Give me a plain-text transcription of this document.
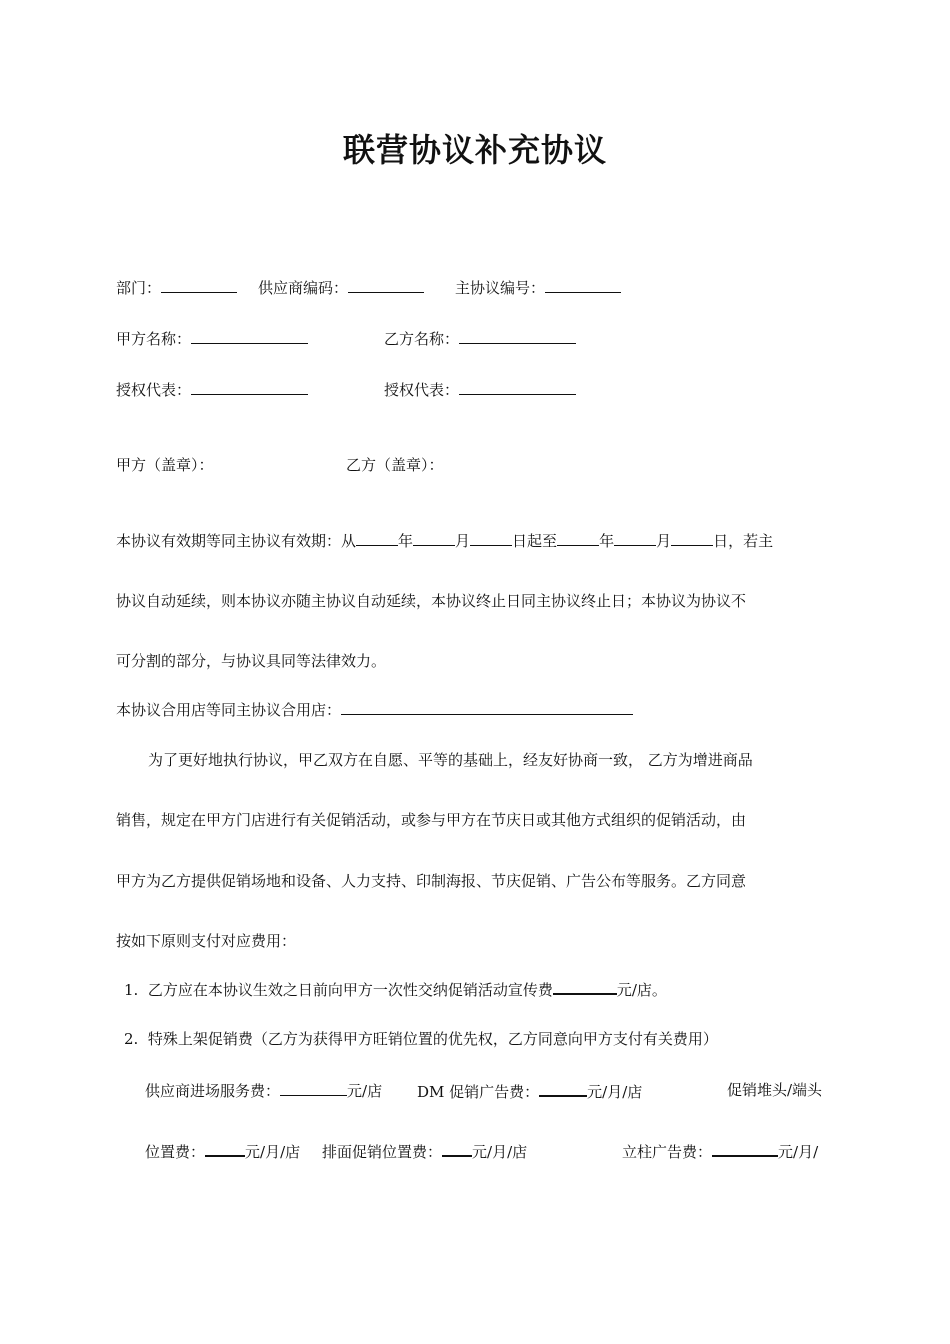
联营协议补充协议
部门：	供应商编码：	主协议编号：
甲方名称：	乙方名称：
授权代表：	授权代表：
甲方（盖章）：	乙方（盖章）：
本协议有效期等同主协议有效期：从	年	月	日起至	年	月	日，若主
协议自动延续，则本协议亦随主协议自动延续，本协议终止日同主协议终止日；本协议为协议不
可分割的部分，与协议具同等法律效力。
本协议合用店等同主协议合用店：
为了更好地执行协议，甲乙双方在自愿、平等的基础上，经友好协商一致， 乙方为增进商品
销售，规定在甲方门店进行有关促销活动，或参与甲方在节庆日或其他方式组织的促销活动，由
甲方为乙方提供促销场地和设备、人力支持、印制海报、节庆促销、广告公布等服务。乙方同意
按如下原则支付对应费用：
1. 乙方应在本协议生效之日前向甲方一次性交纳促销活动宣传费	元/店。
2. 特殊上架促销费（乙方为获得甲方旺销位置的优先权，乙方同意向甲方支付有关费用）
供应商进场服务费：	元/店 DM 促销广告费：	元/月/店	促销堆头/端头
位置费：	元/月/店 排面促销位置费： 元/月/店	立柱广告费：	元/月/
